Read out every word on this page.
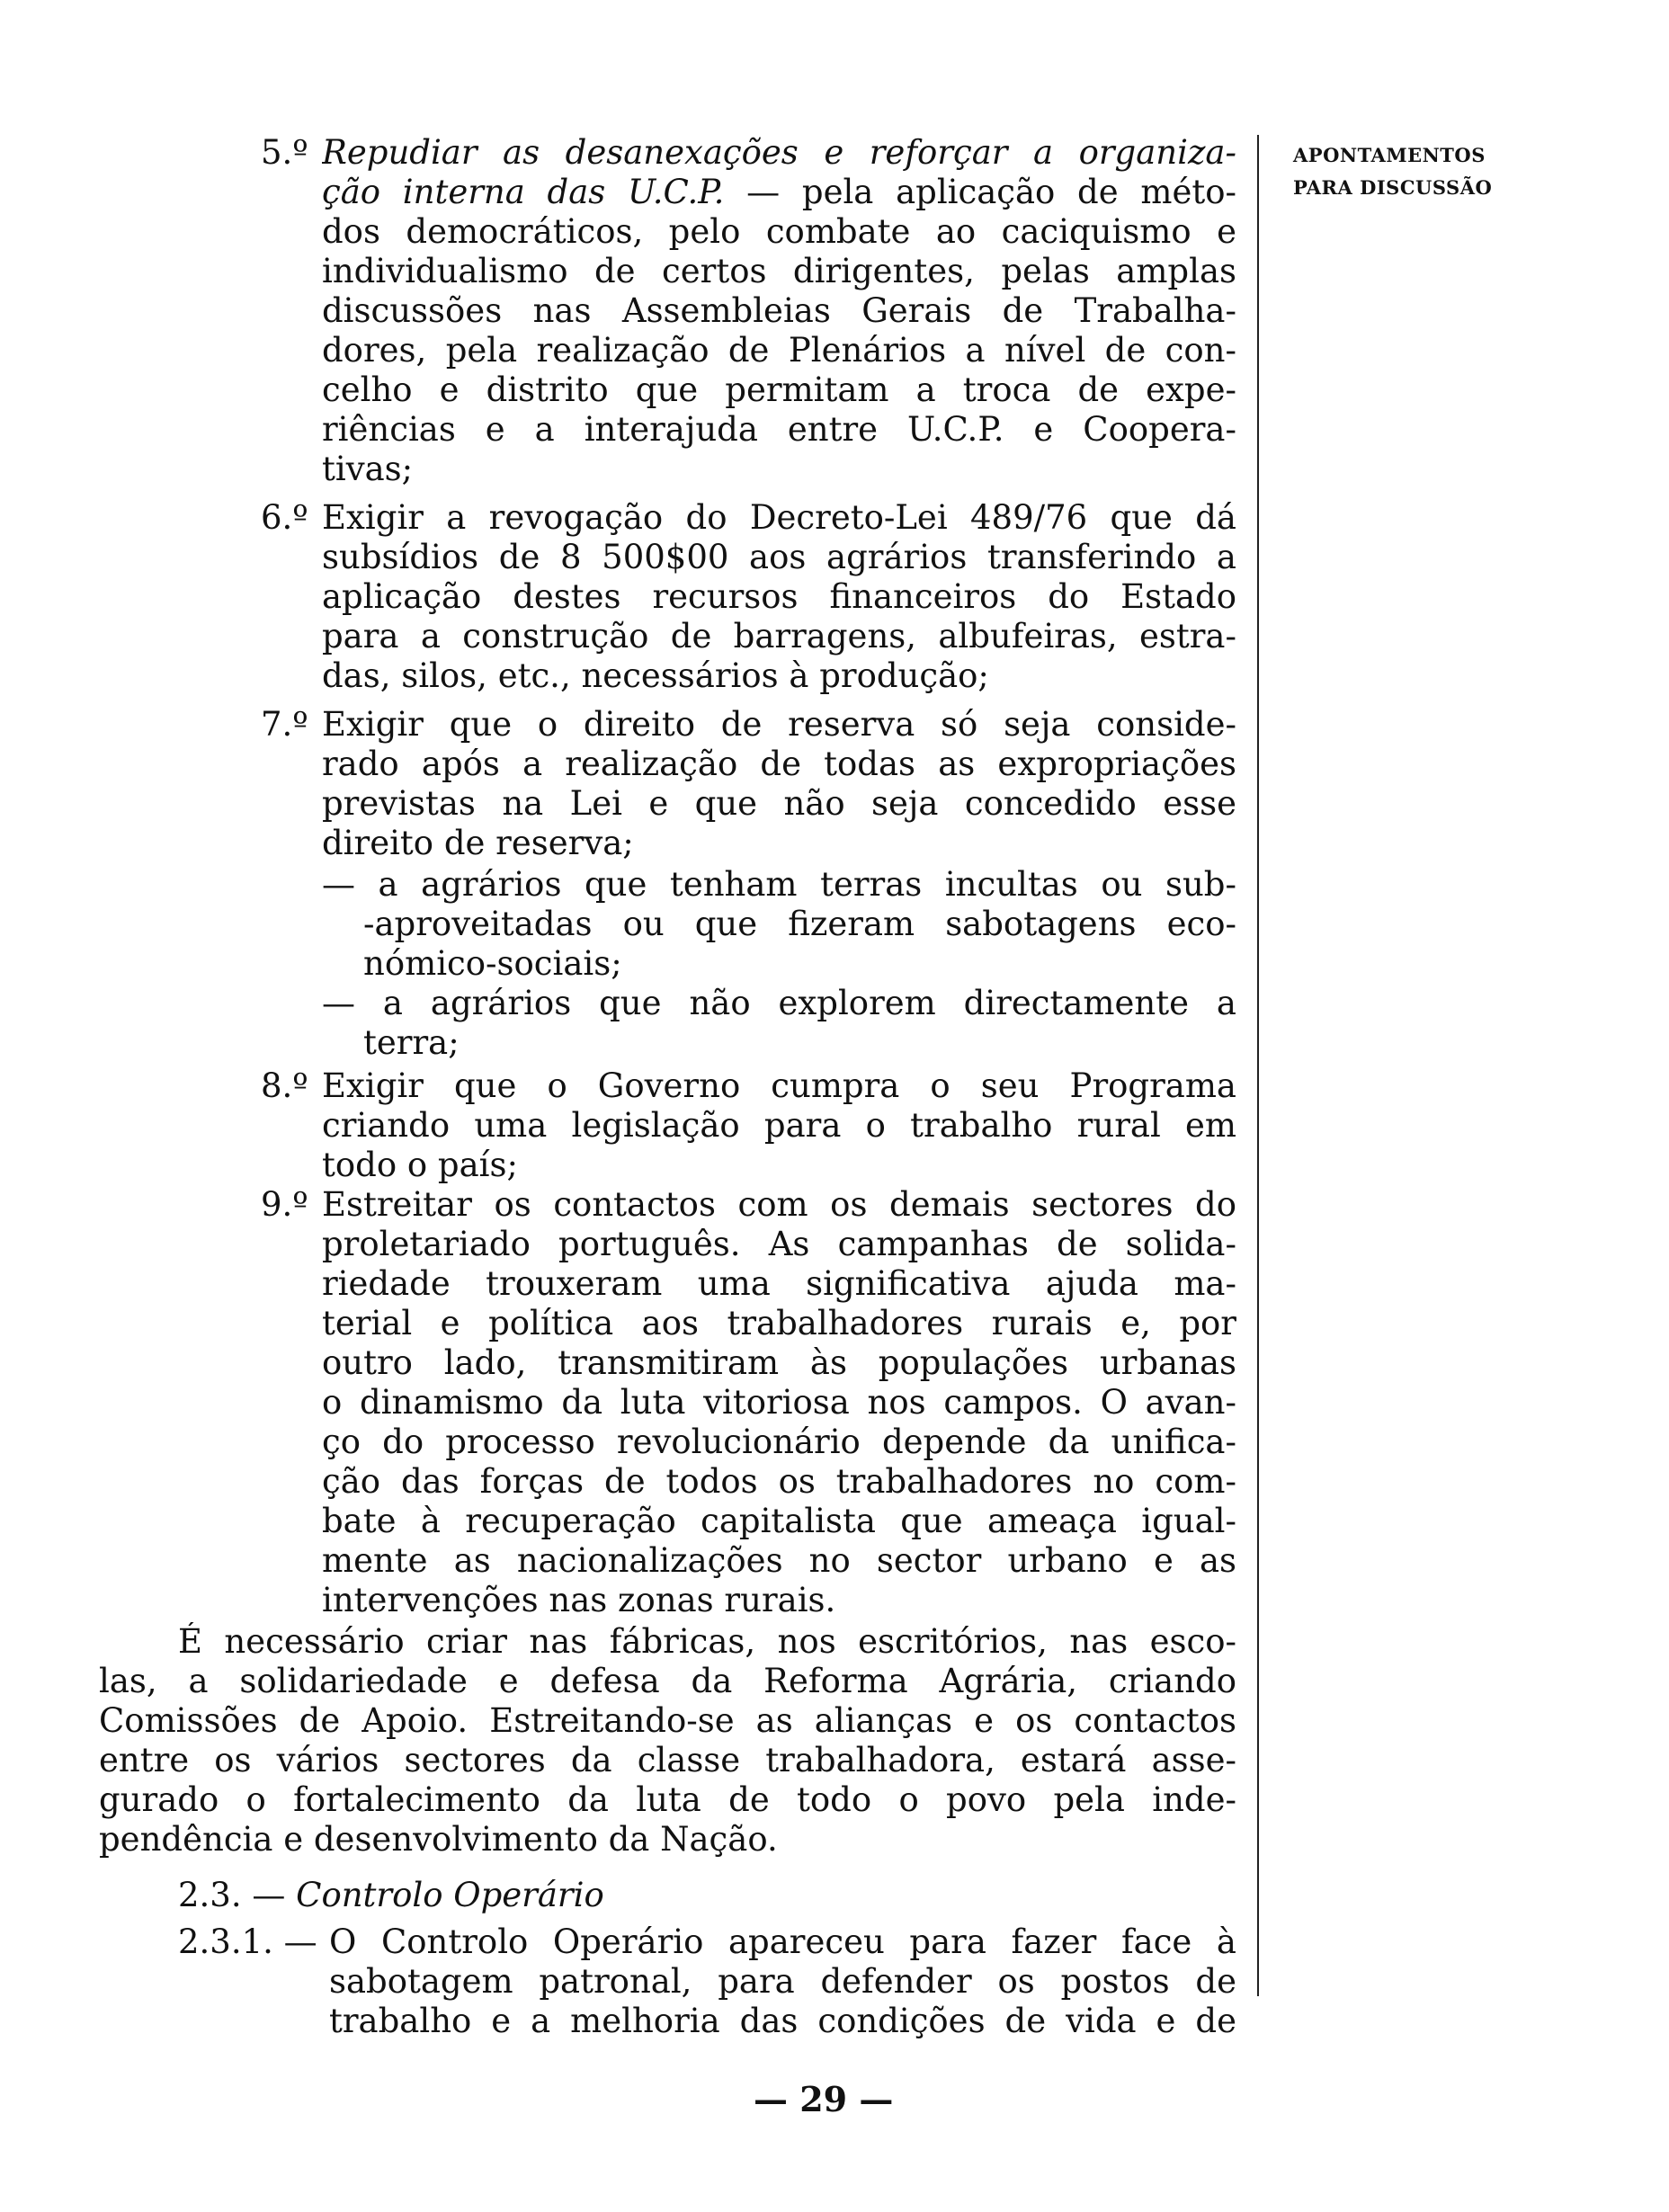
APONTAMENTOS
PARA DISCUSSÃO
5.º Repudiar as desanexações e reforçar a organiza-
ção interna das U.C.P. — pela aplicação de méto-
dos democráticos, pelo combate ao caciquismo e
individualismo de certos dirigentes, pelas amplas
discussões nas Assembleias Gerais de Trabalha-
dores, pela realização de Plenários a nível de con-
celho e distrito que permitam a troca de expe-
riências e a interajuda entre U.C.P. e Coopera-
tivas;
6.º Exigir a revogação do Decreto-Lei 489/76 que dá
subsídios de 8 500$00 aos agrários transferindo a
aplicação destes recursos financeiros do Estado
para a construção de barragens, albufeiras, estra-
das, silos, etc., necessários à produção;
7.º Exigir que o direito de reserva só seja conside-
rado após a realização de todas as expropriações
previstas na Lei e que não seja concedido esse
direito de reserva;
— a agrários que tenham terras incultas ou sub-
-aproveitadas ou que fizeram sabotagens eco-
nómico-sociais;
— a agrários que não explorem directamente a
terra;
8.º Exigir que o Governo cumpra o seu Programa
criando uma legislação para o trabalho rural em
todo o país;
9.º Estreitar os contactos com os demais sectores do
proletariado português. As campanhas de solida-
riedade trouxeram uma significativa ajuda ma-
terial e política aos trabalhadores rurais e, por
outro lado, transmitiram às populações urbanas
o dinamismo da luta vitoriosa nos campos. O avan-
ço do processo revolucionário depende da unifica-
ção das forças de todos os trabalhadores no com-
bate à recuperação capitalista que ameaça igual-
mente as nacionalizações no sector urbano e as
intervenções nas zonas rurais.
É necessário criar nas fábricas, nos escritórios, nas esco-
las, a solidariedade e defesa da Reforma Agrária, criando
Comissões de Apoio. Estreitando-se as alianças e os contactos
entre os vários sectores da classe trabalhadora, estará asse-
gurado o fortalecimento da luta de todo o povo pela inde-
pendência e desenvolvimento da Nação.
2.3. — Controlo Operário
2.3.1. — O Controlo Operário apareceu para fazer face à
sabotagem patronal, para defender os postos de
trabalho e a melhoria das condições de vida e de
— 29 —
